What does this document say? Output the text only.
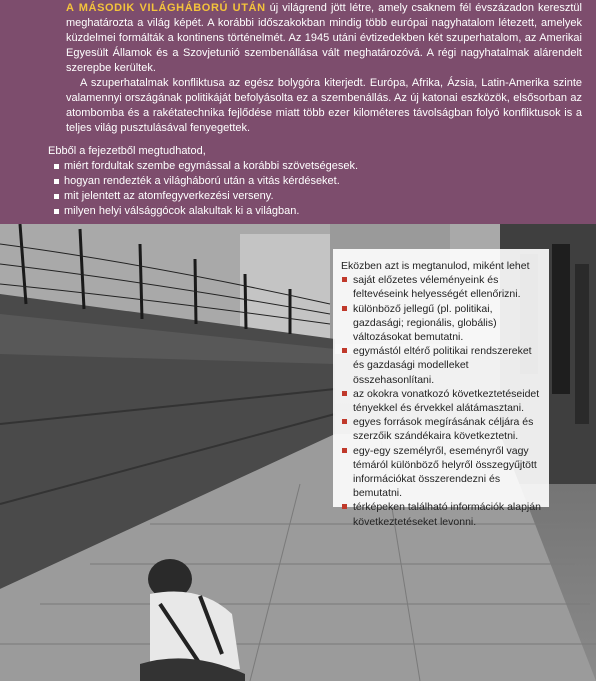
A MÁSODIK VILÁGHÁBORÚ UTÁN új világrend jött létre, amely csaknem fél évszázadon keresztül meghatározta a világ képét. A korábbi időszakokban mindig több európai nagyhatalom létezett, amelyek küzdelmei formálták a kontinens történelmét. Az 1945 utáni évtizedekben két szuperhatalom, az Amerikai Egyesült Államok és a Szovjetunió szembenállása vált meghatározóvá. A régi nagyhatalmak alárendelt szerepbe kerültek.

A szuperhatalmak konfliktusa az egész bolygóra kiterjedt. Európa, Afrika, Ázsia, Latin-Amerika szinte valamennyi országának politikáját befolyásolta ez a szembenállás. Az új katonai eszközök, elsősorban az atombomba és a rakétatechnika fejlődése miatt több ezer kilométeres távolságban folyó konfliktusok is a teljes világ pusztulásával fenyegettek.

Ebből a fejezetből megtudhatod,
miért fordultak szembe egymással a korábbi szövetségesek.
hogyan rendezték a világháború után a vitás kérdéseket.
mit jelentett az atomfegyverkezési verseny.
milyen helyi válsággócok alakultak ki a világban.
Eközben azt is megtanulod, miként lehet
saját előzetes véleményeink és feltevéseink helyességét ellenőrizni.
különböző jellegű (pl. politikai, gazdasági; regionális, globális) változásokat bemutatni.
egymástól eltérő politikai rendszereket és gazdasági modelleket összehasonlítani.
az okokra vonatkozó következtetéseidet tényekkel és érvekkel alátámasztani.
egyes források megírásának céljára és szerzőik szándékaira következtetni.
egy-egy személyről, eseményről vagy témáról különböző helyről összegyűjtött információkat összerendezni és bemutatni.
térképeken található információk alapján következtetéseket levonni.
